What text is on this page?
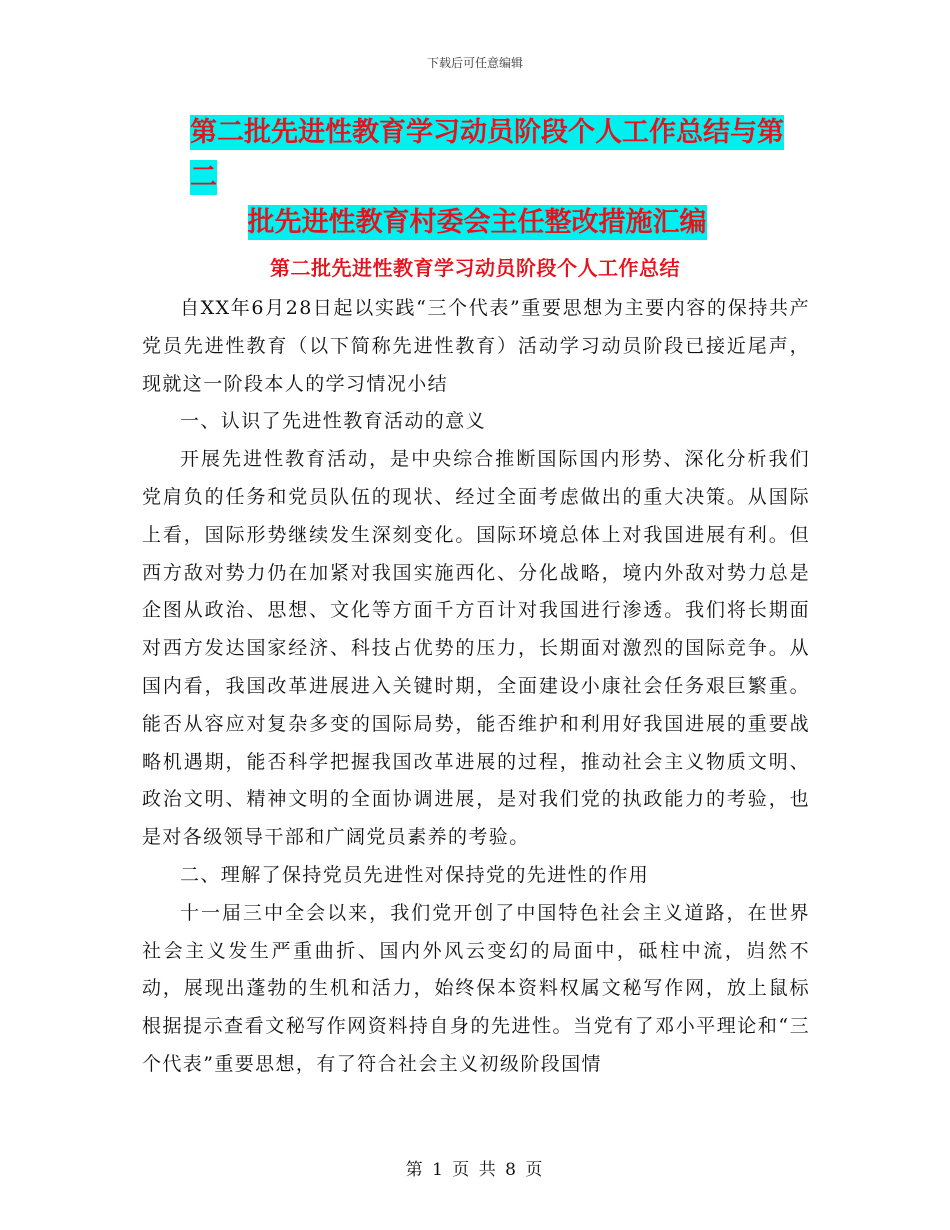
下载后可任意编辑
第二批先进性教育学习动员阶段个人工作总结与第二
批先进性教育村委会主任整改措施汇编
第二批先进性教育学习动员阶段个人工作总结

自XX年6月28日起以实践“三个代表”重要思想为主要内容的保持共产党员先进性教育（以下简称先进性教育）活动学习动员阶段已接近尾声，现就这一阶段本人的学习情况小结

一、认识了先进性教育活动的意义

开展先进性教育活动，是中央综合推断国际国内形势、深化分析我们党肩负的任务和党员队伍的现状、经过全面考虑做出的重大决策。从国际上看，国际形势继续发生深刻变化。国际环境总体上对我国进展有利。但西方敌对势力仍在加紧对我国实施西化、分化战略，境内外敌对势力总是企图从政治、思想、文化等方面千方百计对我国进行渗透。我们将长期面对西方发达国家经济、科技占优势的压力，长期面对激烈的国际竞争。从国内看，我国改革进展进入关键时期，全面建设小康社会任务艰巨繁重。能否从容应对复杂多变的国际局势，能否维护和利用好我国进展的重要战略机遇期，能否科学把握我国改革进展的过程，推动社会主义物质文明、政治文明、精神文明的全面协调进展，是对我们党的执政能力的考验，也是对各级领导干部和广阔党员素养的考验。

二、理解了保持党员先进性对保持党的先进性的作用

十一届三中全会以来，我们党开创了中国特色社会主义道路，在世界社会主义发生严重曲折、国内外风云变幻的局面中，砥柱中流，岿然不动，展现出蓬勃的生机和活力，始终保本资料权属文秘写作网，放上鼠标根据提示查看文秘写作网资料持自身的先进性。当党有了邓小平理论和“三个代表”重要思想，有了符合社会主义初级阶段国情

第 1 页 共 8 页
